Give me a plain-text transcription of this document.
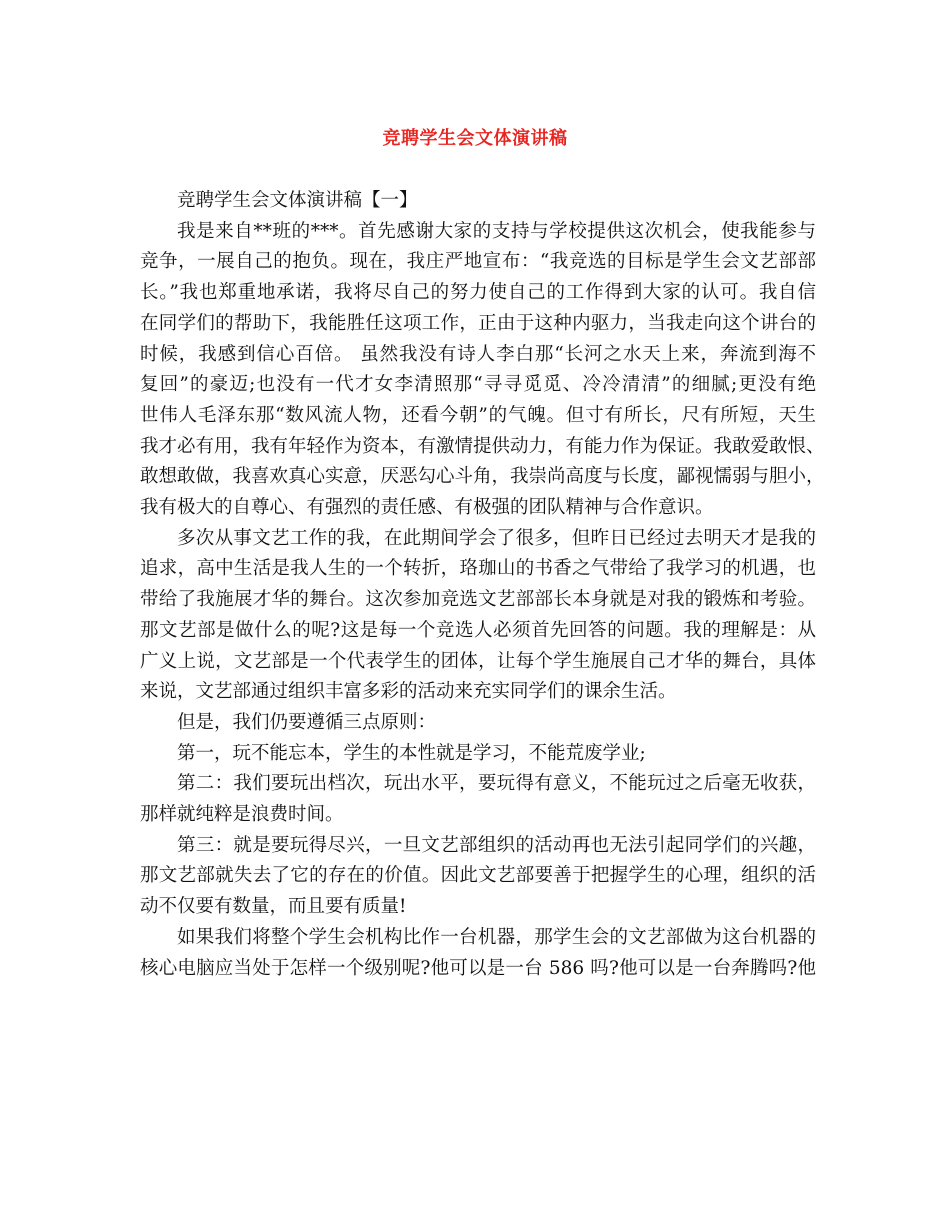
竞聘学生会文体演讲稿
竞聘学生会文体演讲稿【一】
我是来自**班的***。首先感谢大家的支持与学校提供这次机会，使我能参与
竞争，一展自己的抱负。现在，我庄严地宣布：“我竞选的目标是学生会文艺部部
长。”我也郑重地承诺，我将尽自己的努力使自己的工作得到大家的认可。我自信
在同学们的帮助下，我能胜任这项工作，正由于这种内驱力，当我走向这个讲台的
时候，我感到信心百倍。 虽然我没有诗人李白那“长河之水天上来，奔流到海不
复回”的豪迈;也没有一代才女李清照那“寻寻觅觅、冷冷清清”的细腻;更没有绝
世伟人毛泽东那“数风流人物，还看今朝”的气魄。但寸有所长，尺有所短，天生
我才必有用，我有年轻作为资本，有激情提供动力，有能力作为保证。我敢爱敢恨、
敢想敢做，我喜欢真心实意，厌恶勾心斗角，我崇尚高度与长度，鄙视懦弱与胆小，
我有极大的自尊心、有强烈的责任感、有极强的团队精神与合作意识。
多次从事文艺工作的我，在此期间学会了很多，但昨日已经过去明天才是我的
追求，高中生活是我人生的一个转折，珞珈山的书香之气带给了我学习的机遇，也
带给了我施展才华的舞台。这次参加竞选文艺部部长本身就是对我的锻炼和考验。
那文艺部是做什么的呢?这是每一个竞选人必须首先回答的问题。我的理解是：从
广义上说，文艺部是一个代表学生的团体，让每个学生施展自己才华的舞台，具体
来说，文艺部通过组织丰富多彩的活动来充实同学们的课余生活。
但是，我们仍要遵循三点原则：
第一，玩不能忘本，学生的本性就是学习，不能荒废学业;
第二：我们要玩出档次，玩出水平，要玩得有意义，不能玩过之后毫无收获，
那样就纯粹是浪费时间。
第三：就是要玩得尽兴，一旦文艺部组织的活动再也无法引起同学们的兴趣，
那文艺部就失去了它的存在的价值。因此文艺部要善于把握学生的心理，组织的活
动不仅要有数量，而且要有质量!
如果我们将整个学生会机构比作一台机器，那学生会的文艺部做为这台机器的
核心电脑应当处于怎样一个级别呢?他可以是一台 586 吗?他可以是一台奔腾吗?他
